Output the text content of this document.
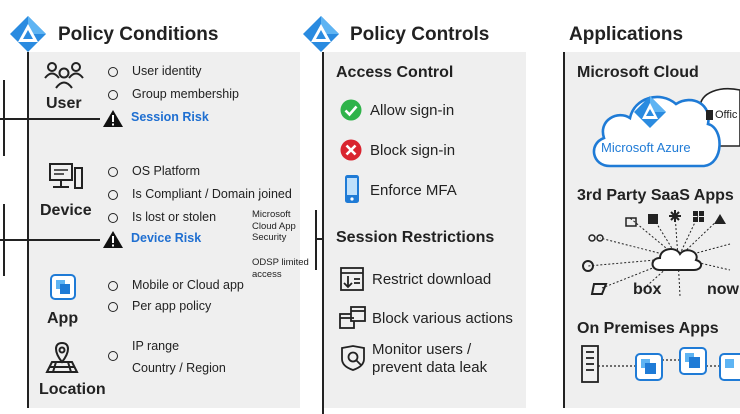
Policy Conditions
User
User identity
Group membership
Session Risk
Device
OS Platform
Is Compliant / Domain joined
Is lost or stolen
Device Risk
Microsoft Cloud App Security
ODSP limited access
App
Mobile or Cloud app
Per app policy
Location
IP range
Country / Region
Policy Controls
Access Control
Allow sign-in
Block sign-in
Enforce MFA
Session Restrictions
Restrict download
Block various actions
Monitor users / prevent data leak
Applications
Microsoft Cloud
Microsoft Azure
Offic
3rd Party SaaS Apps
box	now
On Premises Apps
